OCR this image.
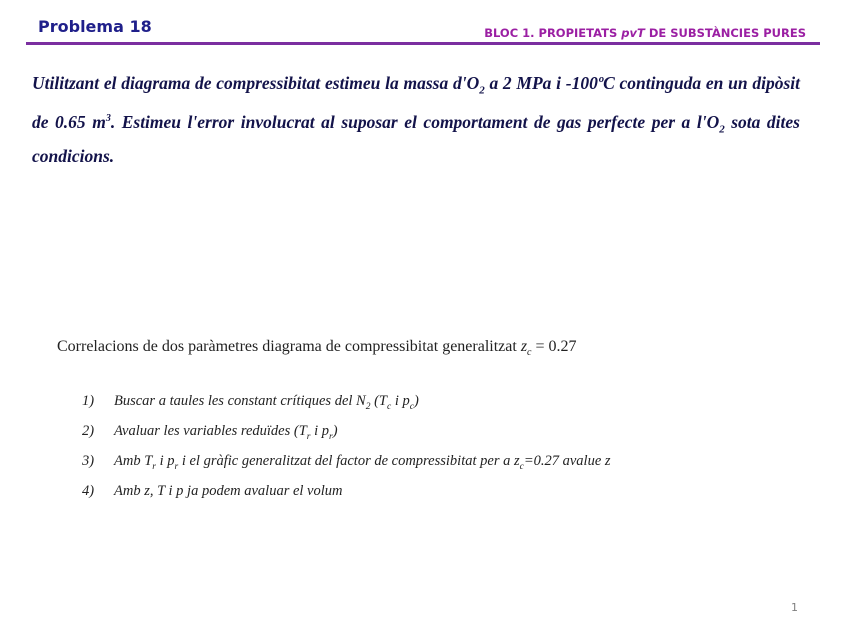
Problema 18	BLOC 1. PROPIETATS pvT DE SUBSTÀNCIES PURES
Utilitzant el diagrama de compressibitat estimeu la massa $d'O_2$ a 2 MPa i -100ºC continguda en un dipòsit de 0.65 $m^3$. Estimeu l'error involucrat al suposar el comportament de gas perfecte per a $l'O_2$ sota dites condicions.
Correlacions de dos paràmetres diagrama de compressibitat generalitzat $z_c = 0.27$
1) Buscar a taules les constant crítiques del $N_2$ ($T_c$ i $p_c$)
2) Avaluar les variables reduïdes ($T_r$ i $p_r$)
3) Amb $T_r$ i $p_r$ i el gràfic generalitzat del factor de compressibitat per a $z_c=0.27$ avalue z
4) Amb z, T i p ja podem avaluar el volum
1
